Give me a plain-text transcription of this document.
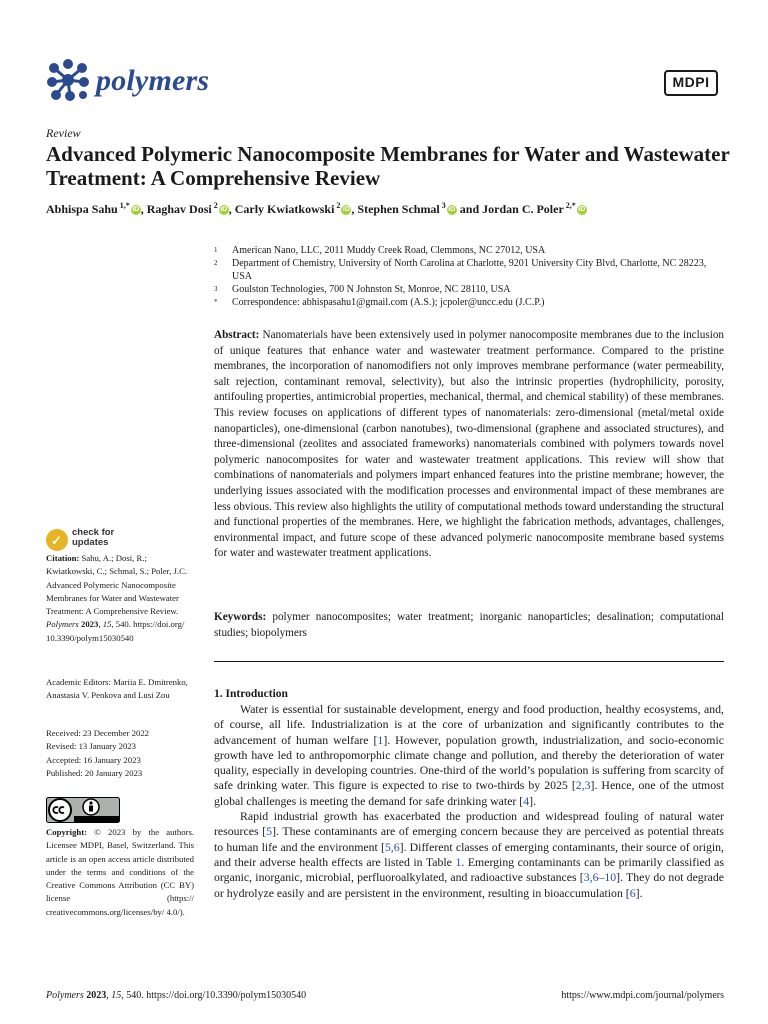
polymers	MDPI
Review
Advanced Polymeric Nanocomposite Membranes for Water and Wastewater Treatment: A Comprehensive Review
Abhispa Sahu $^{1,*}$ iD , Raghav Dosi $^2$ iD , Carly Kwiatkowski $^2$ iD , Stephen Schmal $^3$ iD and Jordan C. Poler $^{2,*}$ iD
1	American Nano, LLC, 2011 Muddy Creek Road, Clemmons, NC 27012, USA
2	Department of Chemistry, University of North Carolina at Charlotte, 9201 University City Blvd, Charlotte, NC 28223, USA
3	Goulston Technologies, 700 N Johnston St, Monroe, NC 28110, USA
*	Correspondence: abhispasahu1@gmail.com (A.S.); jcpoler@uncc.edu (J.C.P.)
Abstract: Nanomaterials have been extensively used in polymer nanocomposite membranes due to the inclusion of unique features that enhance water and wastewater treatment performance. Compared to the pristine membranes, the incorporation of nanomodifiers not only improves membrane performance (water permeability, salt rejection, contaminant removal, selectivity), but also the intrinsic properties (hydrophilicity, porosity, antifouling properties, antimicrobial properties, mechanical, thermal, and chemical stability) of these membranes. This review focuses on applications of different types of nanomaterials: zero-dimensional (metal/metal oxide nanoparticles), one-dimensional (carbon nanotubes), two-dimensional (graphene and associated structures), and three-dimensional (zeolites and associated frameworks) nanomaterials combined with polymers towards novel polymeric nanocomposites for water and wastewater treatment applications. This review will show that combinations of nanomaterials and polymers impart enhanced features into the pristine membrane; however, the underlying issues associated with the modification processes and environmental impact of these membranes are less obvious. This review also highlights the utility of computational methods toward understanding the structural and functional properties of the membranes. Here, we highlight the fabrication methods, advantages, challenges, environmental impact, and future scope of these advanced polymeric nanocomposite membrane based systems for water and wastewater treatment applications.
Keywords: polymer nanocomposites; water treatment; inorganic nanoparticles; desalination; computational studies; biopolymers
1. Introduction

Water is essential for sustainable development, energy and food production, healthy ecosystems, and, of course, all life. Industrialization is at the core of urbanization and significantly contributes to the advancement of human welfare [1]. However, population growth, industrialization, and socio-economic growth have led to anthropomorphic climate change and pollution, and thereby the deterioration of water quality, especially in developing countries. One-third of the world’s population is suffering from scarcity of safe drinking water. This figure is expected to rise to two-thirds by 2025 [2,3]. Hence, one of the utmost global challenges is meeting the demand for safe drinking water [4].

Rapid industrial growth has exacerbated the production and widespread fouling of natural water resources [5]. These contaminants are of emerging concern because they are perceived as potential threats to human life and the environment [5,6]. Different classes of emerging contaminants, their source of origin, and their adverse health effects are listed in Table 1. Emerging contaminants can be primarily classified as organic, inorganic, microbial, perfluoroalkylated, and radioactive substances [3,6–10]. They do not degrade or hydrolyze easily and are persistent in the environment, resulting in bioaccumulation [6].

✓
check for
updates
Citation: Sahu, A.; Dosi, R.; Kwiatkowski, C.; Schmal, S.; Poler, J.C. Advanced Polymeric Nanocomposite Membranes for Water and Wastewater Treatment: A Comprehensive Review. Polymers 2023, 15, 540. https://doi.org/ 10.3390/polym15030540
Academic Editors: Mariia E. Dmitrenko, Anastasia V. Penkova and Lusi Zou
Received: 23 December 2022
Revised: 13 January 2023
Accepted: 16 January 2023
Published: 20 January 2023
Copyright: © 2023 by the authors. Licensee MDPI, Basel, Switzerland. This article is an open access article distributed under the terms and conditions of the Creative Commons Attribution (CC BY) license (https:// creativecommons.org/licenses/by/ 4.0/).
Polymers 2023, 15, 540. https://doi.org/10.3390/polym15030540	https://www.mdpi.com/journal/polymers
